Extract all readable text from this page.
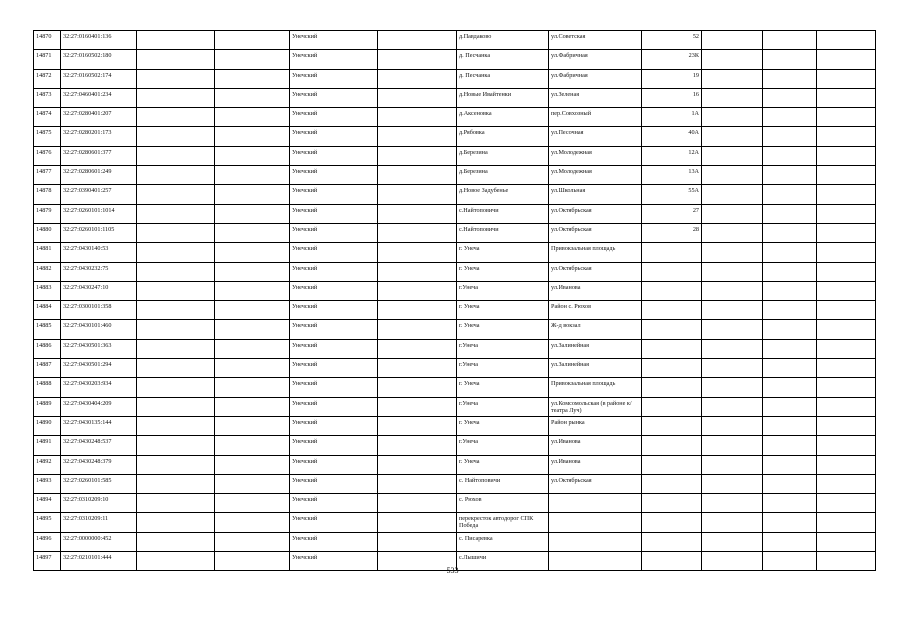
14870	32:27:0160401:136			Унечский		д.Павдаково	ул.Советская	52			
14871	32:27:0160502:180			Унечский		д. Песчанка	ул.Фабричная	23К			
14872	32:27:0160502:174			Унечский		д. Песчанка	ул.Фабричная	19			
14873	32:27:0460401:234			Унечский		д.Новые Ивайтенки	ул.Зеленая	16			
14874	32:27:0280401:207			Унечский		д.Аксеновка	пер.Совхозный	1А			
14875	32:27:0280201:173			Унечский		д.Рябовка	ул.Песочная	40А			
14876	32:27:0280601:377			Унечский		д.Березина	ул.Молодежная	12А			
14877	32:27:0280601:249			Унечский		д.Березина	ул.Молодежная	13А			
14878	32:27:0390401:257			Унечский		д.Новое Задубенье	ул.Школьная	55А			
14879	32:27:0260101:1014			Унечский		с.Найтоповичи	ул.Октябрьская	27			
14880	32:27:0260101:1105			Унечский		с.Найтоповичи	ул.Октябрьская	28			
14881	32:27:0430140:53			Унечский		г. Унеча	Привокзальная площадь				
14882	32:27:0430232:75			Унечский		г. Унеча	ул.Октябрьская				
14883	32:27:0430247:10			Унечский		г.Унеча	ул.Иванова				
14884	32:27:0300101:358			Унечский		г. Унеча	Район с. Рюхов				
14885	32:27:0430101:460			Унечский		г. Унеча	Ж-д вокзал				
14886	32:27:0430501:363			Унечский		г.Унеча	ул.Залинейная				
14887	32:27:0430501:294			Унечский		г.Унеча	ул.Залинейная				
14888	32:27:0430203:934			Унечский		г. Унеча	Привокзальная площадь				
14889	32:27:0430404:209			Унечский		г.Унеча	ул.Комсомольская (в районе к/театра Луч)				
14890	32:27:0430135:144			Унечский		г. Унеча	Район рынка				
14891	32:27:0430248:537			Унечский		г.Унеча	ул.Иванова				
14892	32:27:0430248:379			Унечский		г. Унеча	ул.Иванова				
14893	32:27:0260101:585			Унечский		с. Найтоповичи	ул.Октябрьская				
14894	32:27:0310209:10			Унечский		с. Рюхов					
14895	32:27:0310209:11			Унечский		перекресток автодорог СПК Победа					
14896	32:27:0000000:452			Унечский		с. Писаревка					
14897	32:27:0210101:444			Унечский		с.Лышичи					
533
